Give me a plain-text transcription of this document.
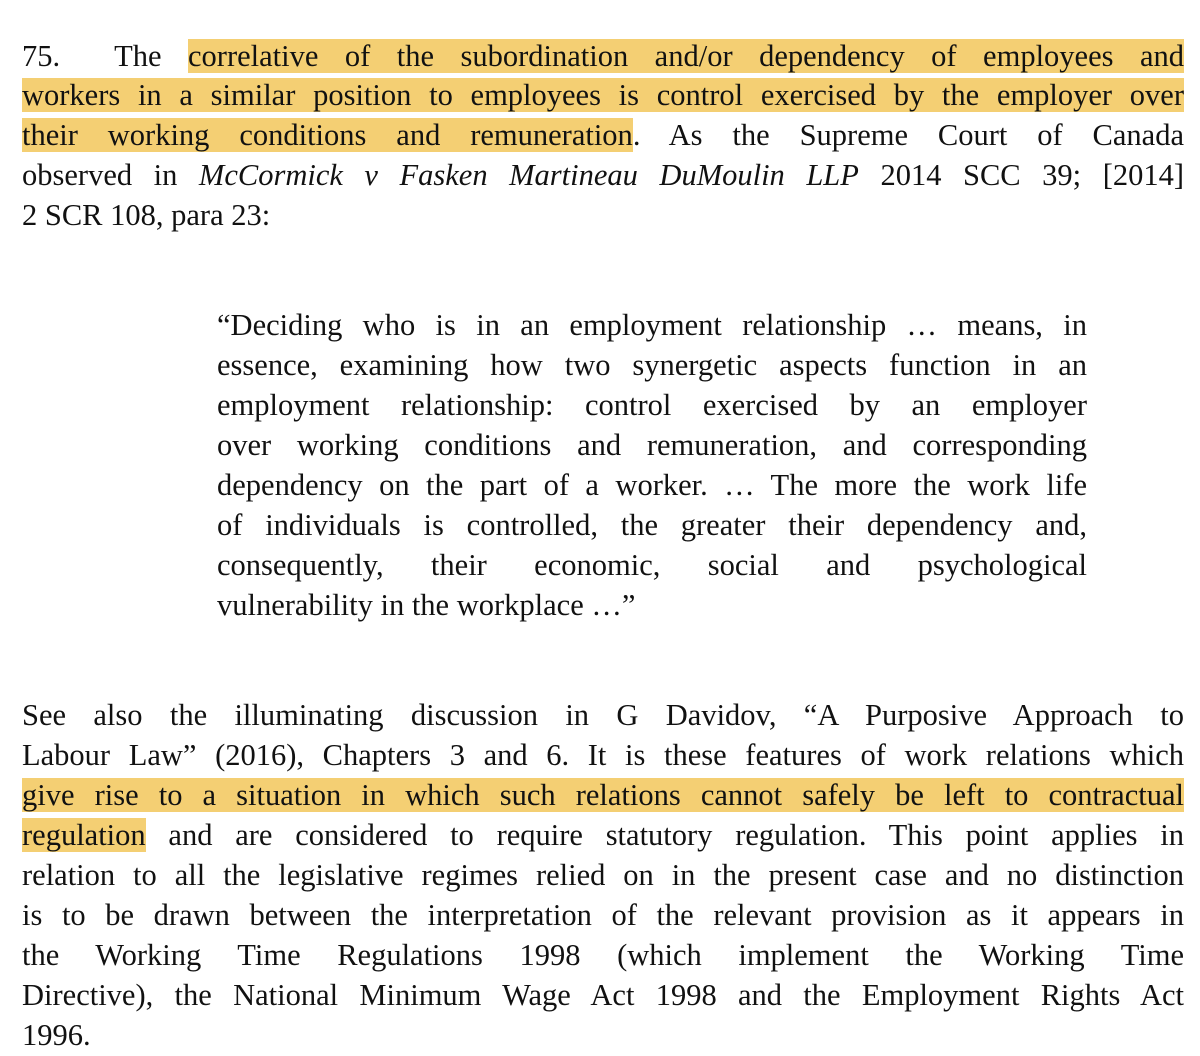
75. The correlative of the subordination and/or dependency of employees and
workers in a similar position to employees is control exercised by the employer over
their working conditions and remuneration. As the Supreme Court of Canada
observed in McCormick v Fasken Martineau DuMoulin LLP 2014 SCC 39; [2014]
2 SCR 108, para 23:
“Deciding who is in an employment relationship … means, in
essence, examining how two synergetic aspects function in an
employment relationship: control exercised by an employer
over working conditions and remuneration, and corresponding
dependency on the part of a worker. … The more the work life
of individuals is controlled, the greater their dependency and,
consequently, their economic, social and psychological
vulnerability in the workplace …”
See also the illuminating discussion in G Davidov, “A Purposive Approach to
Labour Law” (2016), Chapters 3 and 6. It is these features of work relations which
give rise to a situation in which such relations cannot safely be left to contractual
regulation and are considered to require statutory regulation. This point applies in
relation to all the legislative regimes relied on in the present case and no distinction
is to be drawn between the interpretation of the relevant provision as it appears in
the Working Time Regulations 1998 (which implement the Working Time
Directive), the National Minimum Wage Act 1998 and the Employment Rights Act
1996.
